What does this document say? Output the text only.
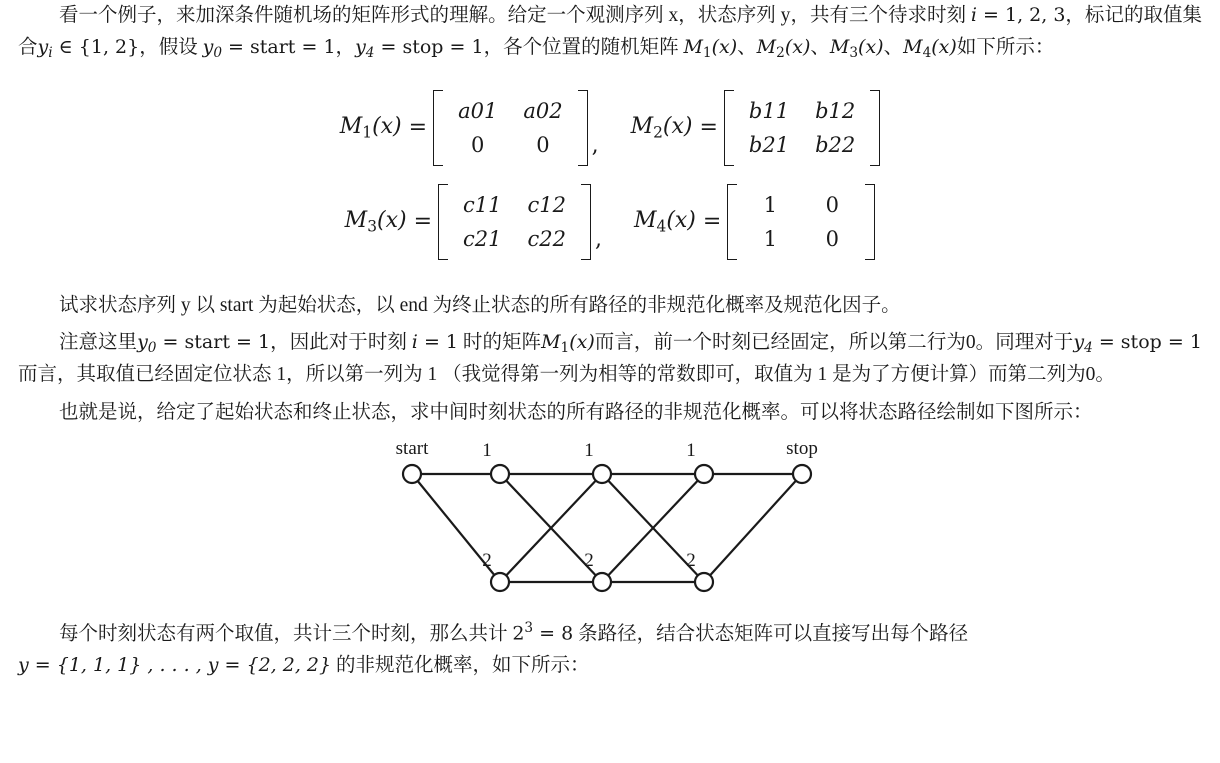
看一个例子，来加深条件随机场的矩阵形式的理解。给定一个观测序列 x，状态序列 y，共有三个待求时刻 i = 1, 2, 3，标记的取值集合$y_i$ ∈ {1, 2}，假设 $y_0$ = start = 1，$y_4$ = stop = 1，各个位置的随机矩阵 M1(x)、M2(x)、M3(x)、M4(x)如下所示：

M1(x) =
a01	a02
0	0 ,
M2(x) =
b11	b12
b21	b22
M3(x) =
c11	c12
c21	c22 ,
M4(x) =
1	0
1	0

试求状态序列 y 以 start 为起始状态，以 end 为终止状态的所有路径的非规范化概率及规范化因子。

注意这里$y_0$ = start = 1，因此对于时刻 i = 1 时的矩阵M1(x)而言，前一个时刻已经固定，所以第二行为0。同理对于$y_4$ = stop = 1 而言，其取值已经固定位状态 1，所以第一列为 1 （我觉得第一列为相等的常数即可，取值为 1 是为了方便计算）而第二列为0。

也就是说，给定了起始状态和终止状态，求中间时刻状态的所有路径的非规范化概率。可以将状态路径绘制如下图所示：

start	stop
1	1	1
2	2	2

每个时刻状态有两个取值，共计三个时刻，那么共计 $2^3 = 8$ 条路径，结合状态矩阵可以直接写出每个路径
y = {1, 1, 1} , . . . , y = {2, 2, 2} 的非规范化概率，如下所示：
